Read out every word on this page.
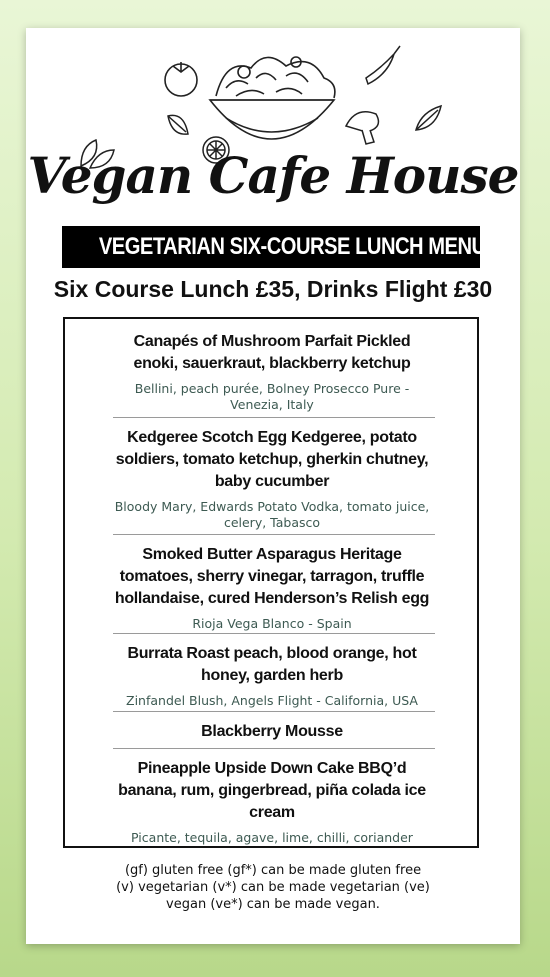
Vegan Cafe House
VEGETARIAN SIX-COURSE LUNCH MENU
Six Course Lunch £35, Drinks Flight £30
Canapés of Mushroom Parfait Pickled enoki, sauerkraut, blackberry ketchup
Bellini, peach purée, Bolney Prosecco Pure - Venezia, Italy
Kedgeree Scotch Egg Kedgeree, potato soldiers, tomato ketchup, gherkin chutney, baby cucumber
Bloody Mary, Edwards Potato Vodka, tomato juice, celery, Tabasco
Smoked Butter Asparagus Heritage tomatoes, sherry vinegar, tarragon, truffle hollandaise, cured Henderson’s Relish egg
Rioja Vega Blanco - Spain
Burrata Roast peach, blood orange, hot honey, garden herb
Zinfandel Blush, Angels Flight - California, USA
Blackberry Mousse
Pineapple Upside Down Cake BBQ’d banana, rum, gingerbread, piña colada ice cream
Picante, tequila, agave, lime, chilli, coriander
(gf) gluten free (gf*) can be made gluten free
(v) vegetarian (v*) can be made vegetarian (ve)
vegan (ve*) can be made vegan.
